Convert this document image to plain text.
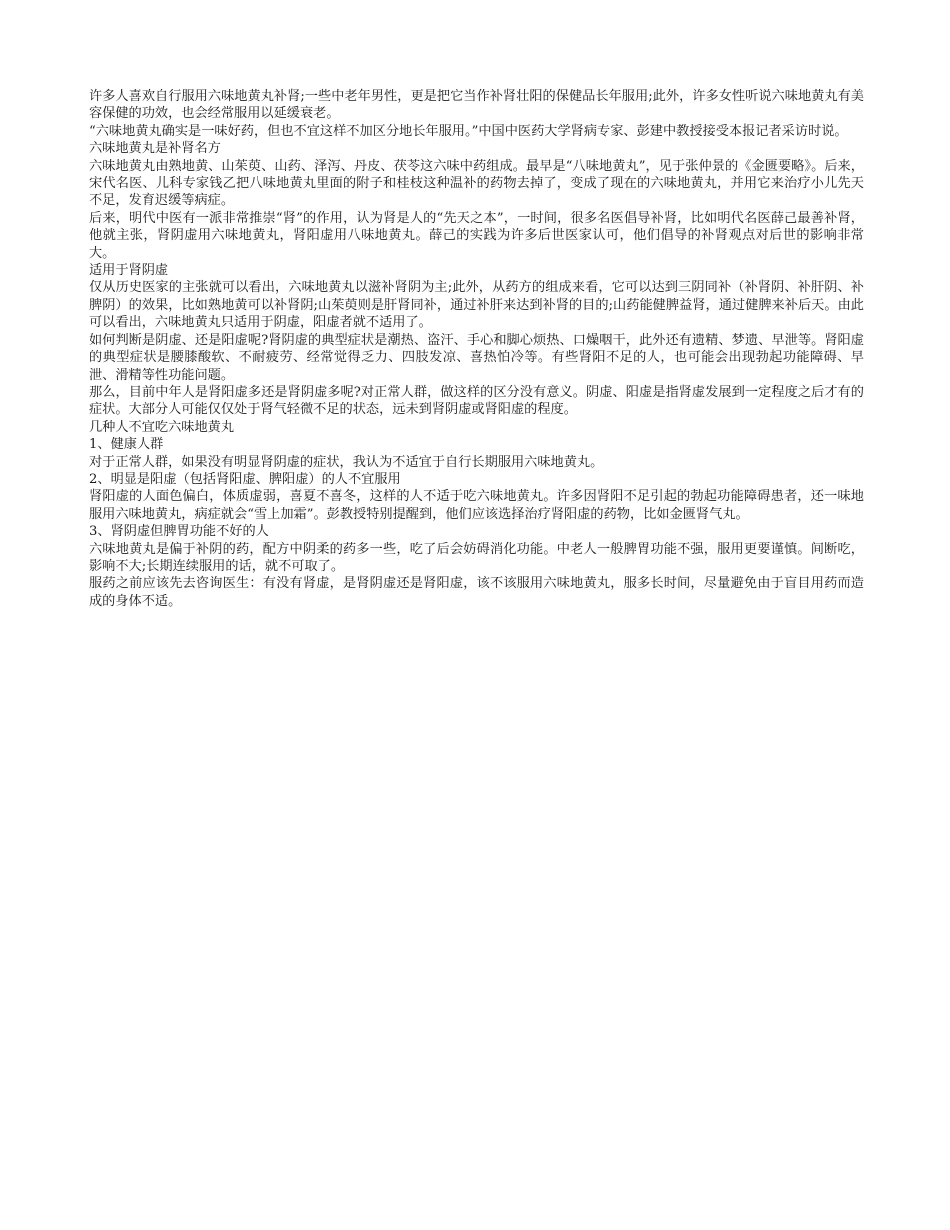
许多人喜欢自行服用六味地黄丸补肾;一些中老年男性，更是把它当作补肾壮阳的保健品长年服用;此外，许多女性听说六味地黄丸有美容保健的功效，也会经常服用以延缓衰老。

“六味地黄丸确实是一味好药，但也不宜这样不加区分地长年服用。”中国中医药大学肾病专家、彭建中教授接受本报记者采访时说。

六味地黄丸是补肾名方

六味地黄丸由熟地黄、山茱萸、山药、泽泻、丹皮、茯苓这六味中药组成。最早是“八味地黄丸”，见于张仲景的《金匮要略》。后来，宋代名医、儿科专家钱乙把八味地黄丸里面的附子和桂枝这种温补的药物去掉了，变成了现在的六味地黄丸，并用它来治疗小儿先天不足，发育迟缓等病症。

后来，明代中医有一派非常推崇“肾”的作用，认为肾是人的“先天之本”，一时间，很多名医倡导补肾，比如明代名医薛己最善补肾，他就主张，肾阴虚用六味地黄丸，肾阳虚用八味地黄丸。薛己的实践为许多后世医家认可，他们倡导的补肾观点对后世的影响非常大。

适用于肾阴虚

仅从历史医家的主张就可以看出，六味地黄丸以滋补肾阴为主;此外，从药方的组成来看，它可以达到三阴同补（补肾阴、补肝阴、补脾阴）的效果，比如熟地黄可以补肾阴;山茱萸则是肝肾同补，通过补肝来达到补肾的目的;山药能健脾益肾，通过健脾来补后天。由此可以看出，六味地黄丸只适用于阴虚，阳虚者就不适用了。

如何判断是阴虚、还是阳虚呢?肾阴虚的典型症状是潮热、盗汗、手心和脚心烦热、口燥咽干，此外还有遗精、梦遗、早泄等。肾阳虚的典型症状是腰膝酸软、不耐疲劳、经常觉得乏力、四肢发凉、喜热怕冷等。有些肾阳不足的人，也可能会出现勃起功能障碍、早泄、滑精等性功能问题。

那么，目前中年人是肾阳虚多还是肾阴虚多呢?对正常人群，做这样的区分没有意义。阴虚、阳虚是指肾虚发展到一定程度之后才有的症状。大部分人可能仅仅处于肾气轻微不足的状态，远未到肾阴虚或肾阳虚的程度。

几种人不宜吃六味地黄丸

1、健康人群

对于正常人群，如果没有明显肾阴虚的症状，我认为不适宜于自行长期服用六味地黄丸。

2、明显是阳虚（包括肾阳虚、脾阳虚）的人不宜服用

肾阳虚的人面色偏白，体质虚弱，喜夏不喜冬，这样的人不适于吃六味地黄丸。许多因肾阳不足引起的勃起功能障碍患者，还一味地服用六味地黄丸，病症就会“雪上加霜”。彭教授特别提醒到，他们应该选择治疗肾阳虚的药物，比如金匮肾气丸。

3、肾阴虚但脾胃功能不好的人

六味地黄丸是偏于补阴的药，配方中阴柔的药多一些，吃了后会妨碍消化功能。中老人一般脾胃功能不强，服用更要谨慎。间断吃，影响不大;长期连续服用的话，就不可取了。

服药之前应该先去咨询医生：有没有肾虚，是肾阴虚还是肾阳虚，该不该服用六味地黄丸，服多长时间，尽量避免由于盲目用药而造成的身体不适。
